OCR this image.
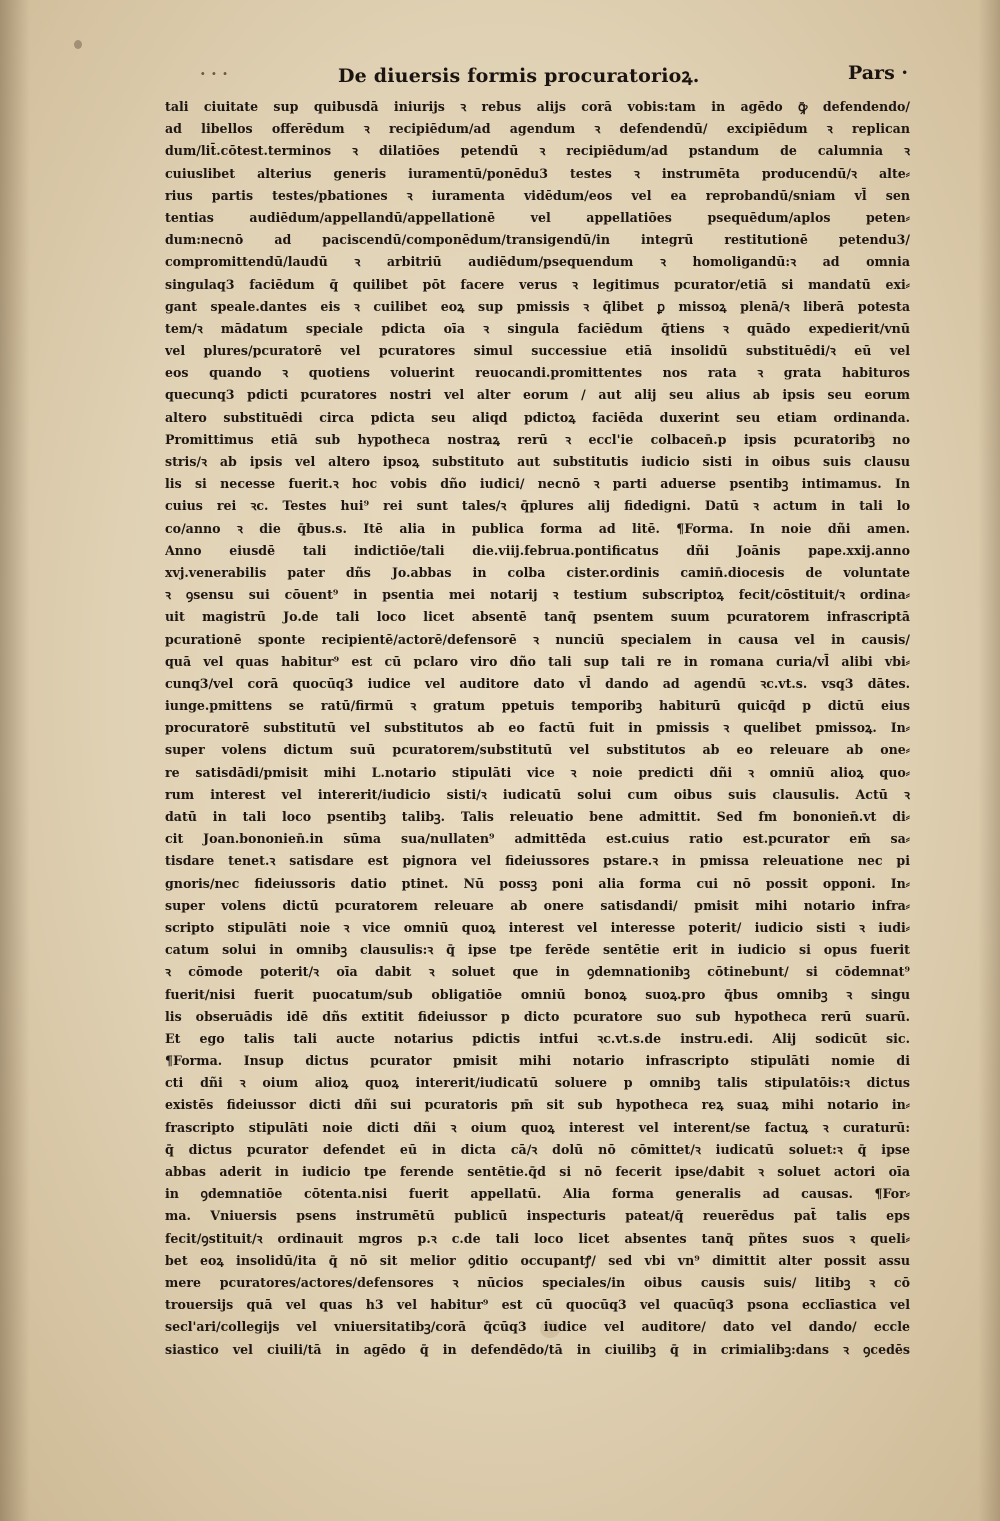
· · ·	De diuersis formis procuratorioꝝ.	Pars ·
tali ciuitate sup quibusdā iniurijs ꝛ rebus alijs corā vobis:tam in agēdo ꝙ̄ defendendo/
ad libellos offerēdum ꝛ recipiēdum/ad agendum ꝛ defendendū/ excipiēdum ꝛ replican
dum/lit̄.cōtest.terminos ꝛ dilatiōes petendū ꝛ recipiēdum/ad pstandum de calumnia ꝛ
cuiuslibet alterius generis iuramentū/ponēdu3 testes ꝛ instrumēta producendū/ꝛ alte⸗
rius partis testes/pbationes ꝛ iuramenta vidēdum/eos vel ea reprobandū/sniam vl̄ sen
tentias audiēdum/appellandū/appellationē vel appellatiōes psequēdum/aplos peten⸗
dum:necnō ad paciscendū/componēdum/transigendū/in integrū restitutionē petendu3/
compromittendū/laudū ꝛ arbitriū audiēdum/psequendum ꝛ homoligandū:ꝛ ad omnia
singulaq3 faciēdum q̄ quilibet pōt facere verus ꝛ legitimus pcurator/etiā si mandatū exi⸗
gant speale.dantes eis ꝛ cuilibet eoꝝ sup pmissis ꝛ q̄libet ꝑ missoꝝ plenā/ꝛ liberā potesta
tem/ꝛ mādatum speciale pdicta oīa ꝛ singula faciēdum q̄tiens ꝛ quādo expedierit/vnū
vel plures/pcuratorē vel pcuratores simul successiue etiā insolidū substituēdi/ꝛ eū vel
eos quando ꝛ quotiens voluerint reuocandi.promittentes nos rata ꝛ grata habituros
quecunq3 pdicti pcuratores nostri vel alter eorum / aut alij seu alius ab ipsis seu eorum
altero substituēdi circa pdicta seu aliqd pdictoꝝ faciēda duxerint seu etiam ordinanda.
Promittimus etiā sub hypotheca nostraꝝ rerū ꝛ eccl'ie colbacen̄.p ipsis pcuratoribꝫ no
stris/ꝛ ab ipsis vel altero ipsoꝝ substituto aut substitutis iudicio sisti in oibus suis clausu
lis si necesse fuerit.ꝛ hoc vobis dño iudici/ necnō ꝛ parti aduerse psentibꝫ intimamus. In
cuius rei ꝛc. Testes hui⁹ rei sunt tales/ꝛ q̄plures alij fidedigni. Datū ꝛ actum in tali lo
co/anno ꝛ die q̄bus.s. Itē alia in publica forma ad litē. ¶Forma. In noie dñi amen.
Anno eiusdē tali indictiōe/tali die.viij.februa.pontificatus dñi Joānis pape.xxij.anno
xvj.venerabilis pater dñs Jo.abbas in colba cister.ordinis camin̄.diocesis de voluntate
ꝛ ꝯsensu sui cōuent⁹ in psentia mei notarij ꝛ testium subscriptoꝝ fecit/cōstituit/ꝛ ordina⸗
uit magistrū Jo.de tali loco licet absentē tanq̄ psentem suum pcuratorem infrascriptā
pcurationē sponte recipientē/actorē/defensorē ꝛ nunciū specialem in causa vel in causis/
quā vel quas habitur⁹ est cū pclaro viro dño tali sup tali re in romana curia/vl̄ alibi vbi⸗
cunq3/vel corā quocūq3 iudice vel auditore dato vl̄ dando ad agendū ꝛc.vt.s. vsq3 dātes.
iunge.pmittens se ratū/firmū ꝛ gratum ppetuis temporibꝫ habiturū quicq̄d p dictū eius
procuratorē substitutū vel substitutos ab eo factū fuit in pmissis ꝛ quelibet pmissoꝝ. In⸗
super volens dictum suū pcuratorem/substitutū vel substitutos ab eo releuare ab one⸗
re satisdādi/pmisit mihi L.notario stipulāti vice ꝛ noie predicti dñi ꝛ omniū alioꝝ quo⸗
rum interest vel intererit/iudicio sisti/ꝛ iudicatū solui cum oibus suis clausulis. Actū ꝛ
datū in tali loco psentibꝫ talibꝫ. Talis releuatio bene admittit. Sed fm bononien̄.vt di⸗
cit Joan.bononien̄.in sūma sua/nullaten⁹ admittēda est.cuius ratio est.pcurator em̄ sa⸗
tisdare tenet.ꝛ satisdare est pignora vel fideiussores pstare.ꝛ in pmissa releuatione nec pi
gnoris/nec fideiussoris datio ptinet. Nū possꝫ poni alia forma cui nō possit opponi. In⸗
super volens dictū pcuratorem releuare ab onere satisdandi/ pmisit mihi notario infra⸗
scripto stipulāti noie ꝛ vice omniū quoꝝ interest vel interesse poterit/ iudicio sisti ꝛ iudi⸗
catum solui in omnibꝫ clausulis:ꝛ q̄ ipse tpe ferēde sentētie erit in iudicio si opus fuerit
ꝛ cōmode poterit/ꝛ oīa dabit ꝛ soluet que in ꝯdemnationibꝫ cōtinebunt/ si cōdemnat⁹
fuerit/nisi fuerit puocatum/sub obligatiōe omniū bonoꝝ suoꝝ.pro q̄bus omnibꝫ ꝛ singu
lis obseruādis idē dñs extitit fideiussor p dicto pcuratore suo sub hypotheca rerū suarū.
Et ego talis tali aucte notarius pdictis intfui ꝛc.vt.s.de instru.edi. Alij sodicūt sic.
¶Forma. Insup dictus pcurator pmisit mihi notario infrascripto stipulāti nomie di
cti dñi ꝛ oium alioꝝ quoꝝ intererit/iudicatū soluere p omnibꝫ talis stipulatōis:ꝛ dictus
existēs fideiussor dicti dñi sui pcuratoris pm̄ sit sub hypotheca reꝝ suaꝝ mihi notario in⸗
frascripto stipulāti noie dicti dñi ꝛ oium quoꝝ interest vel interent/se factuꝝ ꝛ curaturū:
q̄ dictus pcurator defendet eū in dicta cā/ꝛ dolū nō cōmittet/ꝛ iudicatū soluet:ꝛ q̄ ipse
abbas aderit in iudicio tpe ferende sentētie.q̄d si nō fecerit ipse/dabit ꝛ soluet actori oīa
in ꝯdemnatiōe cōtenta.nisi fuerit appellatū. Alia forma generalis ad causas. ¶For⸗
ma. Vniuersis psens instrumētū publicū inspecturis pateat/q̄ reuerēdus pat̄ talis eps
fecit/ꝯstituit/ꝛ ordinauit mgros p.ꝛ c.de tali loco licet absentes tanq̄ pñtes suos ꝛ queli⸗
bet eoꝝ insolidū/ita q̄ nō sit melior ꝯditio occupantꝭ/ sed vbi vn⁹ dimittit alter possit assu
mere pcuratores/actores/defensores ꝛ nūcios speciales/in oibus causis suis/ litibꝫ ꝛ cō
trouersijs quā vel quas h3 vel habitur⁹ est cū quocūq3 vel quacūq3 psona ecclīastica vel
secl'ari/collegijs vel vniuersitatibꝫ/corā q̄cūq3 iudice vel auditore/ dato vel dando/ eccle
siastico vel ciuili/tā in agēdo q̄ in defendēdo/tā in ciuilibꝫ q̄ in crimialibꝫ:dans ꝛ ꝯcedēs
